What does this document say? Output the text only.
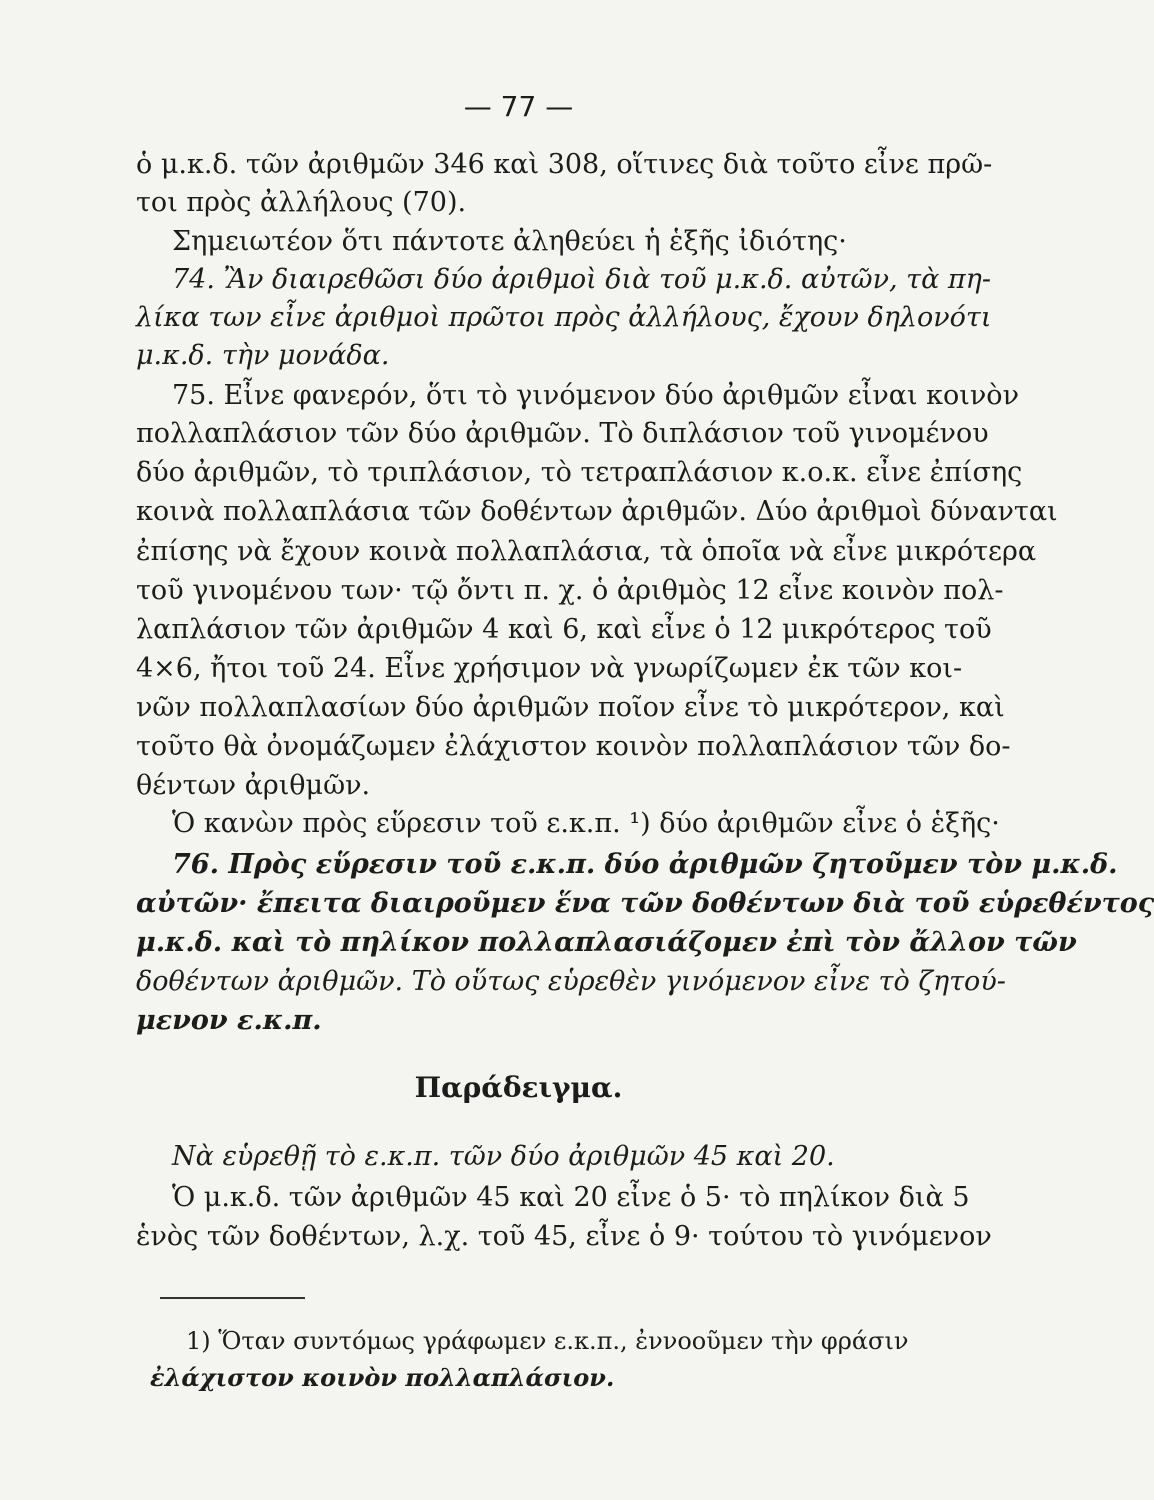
— 77 —
ὁ μ.κ.δ. τῶν ἀριθμῶν 346 καὶ 308, οἵτινες διὰ τοῦτο εἶνε πρῶ-
τοι πρὸς ἀλλήλους (70).
Σημειωτέον ὅτι πάντοτε ἀληθεύει ἡ ἑξῆς ἰδιότης·
74. Ἂν διαιρεθῶσι δύο ἀριθμοὶ διὰ τοῦ μ.κ.δ. αὐτῶν, τὰ πη-
λίκα των εἶνε ἀριθμοὶ πρῶτοι πρὸς ἀλλήλους, ἔχουν δηλονότι
μ.κ.δ. τὴν μονάδα.
75. Εἶνε φανερόν, ὅτι τὸ γινόμενον δύο ἀριθμῶν εἶναι κοινὸν
πολλαπλάσιον τῶν δύο ἀριθμῶν. Τὸ διπλάσιον τοῦ γινομένου
δύο ἀριθμῶν, τὸ τριπλάσιον, τὸ τετραπλάσιον κ.ο.κ. εἶνε ἐπίσης
κοινὰ πολλαπλάσια τῶν δοθέντων ἀριθμῶν. Δύο ἀριθμοὶ δύνανται
ἐπίσης νὰ ἔχουν κοινὰ πολλαπλάσια, τὰ ὁποῖα νὰ εἶνε μικρότερα
τοῦ γινομένου των· τῷ ὄντι π. χ. ὁ ἀριθμὸς 12 εἶνε κοινὸν πολ-
λαπλάσιον τῶν ἀριθμῶν 4 καὶ 6, καὶ εἶνε ὁ 12 μικρότερος τοῦ
4×6, ἤτοι τοῦ 24. Εἶνε χρήσιμον νὰ γνωρίζωμεν ἐκ τῶν κοι-
νῶν πολλαπλασίων δύο ἀριθμῶν ποῖον εἶνε τὸ μικρότερον, καὶ
τοῦτο θὰ ὀνομάζωμεν ἐλάχιστον κοινὸν πολλαπλάσιον τῶν δο-
θέντων ἀριθμῶν.
Ὁ κανὼν πρὸς εὕρεσιν τοῦ ε.κ.π. ¹) δύο ἀριθμῶν εἶνε ὁ ἑξῆς·
76. Πρὸς εὕρεσιν τοῦ ε.κ.π. δύο ἀριθμῶν ζητοῦμεν τὸν μ.κ.δ.
αὐτῶν· ἔπειτα διαιροῦμεν ἕνα τῶν δοθέντων διὰ τοῦ εὑρεθέντος
μ.κ.δ. καὶ τὸ πηλίκον πολλαπλασιάζομεν ἐπὶ τὸν ἄλλον τῶν
δοθέντων ἀριθμῶν. Τὸ οὕτως εὑρεθὲν γινόμενον εἶνε τὸ ζητού-
μενον ε.κ.π.
Παράδειγμα.
Νὰ εὑρεθῇ τὸ ε.κ.π. τῶν δύο ἀριθμῶν 45 καὶ 20.
Ὁ μ.κ.δ. τῶν ἀριθμῶν 45 καὶ 20 εἶνε ὁ 5· τὸ πηλίκον διὰ 5
ἑνὸς τῶν δοθέντων, λ.χ. τοῦ 45, εἶνε ὁ 9· τούτου τὸ γινόμενον
1) Ὅταν συντόμως γράφωμεν ε.κ.π., ἐννοοῦμεν τὴν φράσιν
ἐλάχιστον κοινὸν πολλαπλάσιον.
